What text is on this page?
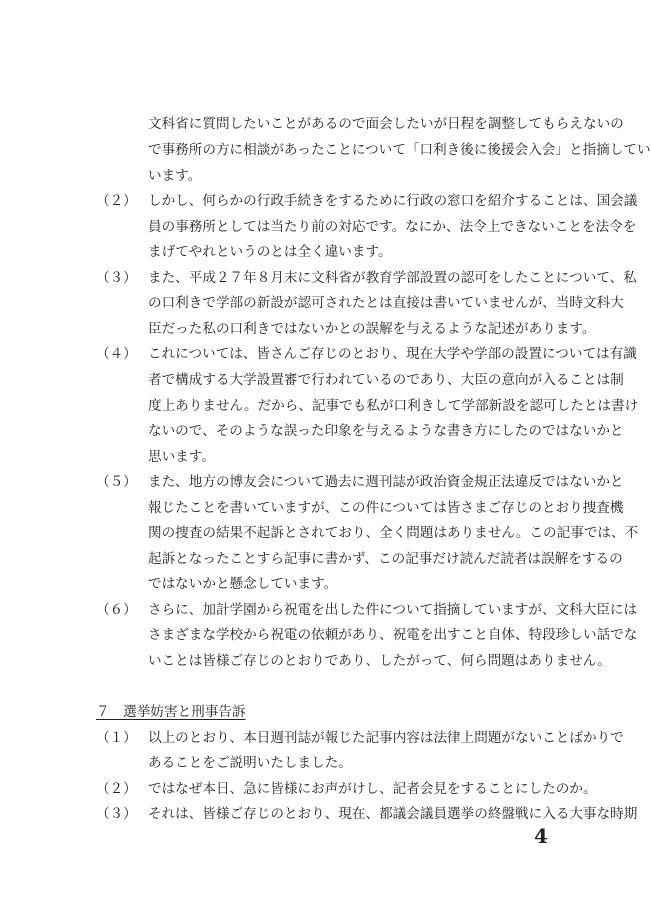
文科省に質問したいことがあるので面会したいが日程を調整してもらえないの
で事務所の方に相談があったことについて「口利き後に後援会入会」と指摘してい
います。
（２） しかし、何らかの行政手続きをするために行政の窓口を紹介することは、国会議
員の事務所としては当たり前の対応です。なにか、法令上できないことを法令を
まげてやれというのとは全く違います。
（３） また、平成２７年８月末に文科省が教育学部設置の認可をしたことについて、私
の口利きで学部の新設が認可されたとは直接は書いていませんが、当時文科大
臣だった私の口利きではないかとの誤解を与えるような記述があります。
（４） これについては、皆さんご存じのとおり、現在大学や学部の設置については有識
者で構成する大学設置審で行われているのであり、大臣の意向が入ることは制
度上ありません。だから、記事でも私が口利きして学部新設を認可したとは書け
ないので、そのような誤った印象を与えるような書き方にしたのではないかと
思います。
（５） また、地方の博友会について過去に週刊誌が政治資金規正法違反ではないかと
報じたことを書いていますが、この件については皆さまご存じのとおり捜査機
関の捜査の結果不起訴とされており、全く問題はありません。この記事では、不
起訴となったことすら記事に書かず、この記事だけ読んだ読者は誤解をするの
ではないかと懸念しています。
（６） さらに、加計学園から祝電を出した件について指摘していますが、文科大臣には
さまざまな学校から祝電の依頼があり、祝電を出すこと自体、特段珍しい話でな
いことは皆様ご存じのとおりであり、したがって、何ら問題はありません。
７　選挙妨害と刑事告訴
（１） 以上のとおり、本日週刊誌が報じた記事内容は法律上問題がないことばかりで
あることをご説明いたしました。
（２） ではなぜ本日、急に皆様にお声がけし、記者会見をすることにしたのか。
（３） それは、皆様ご存じのとおり、現在、都議会議員選挙の終盤戦に入る大事な時期
4
